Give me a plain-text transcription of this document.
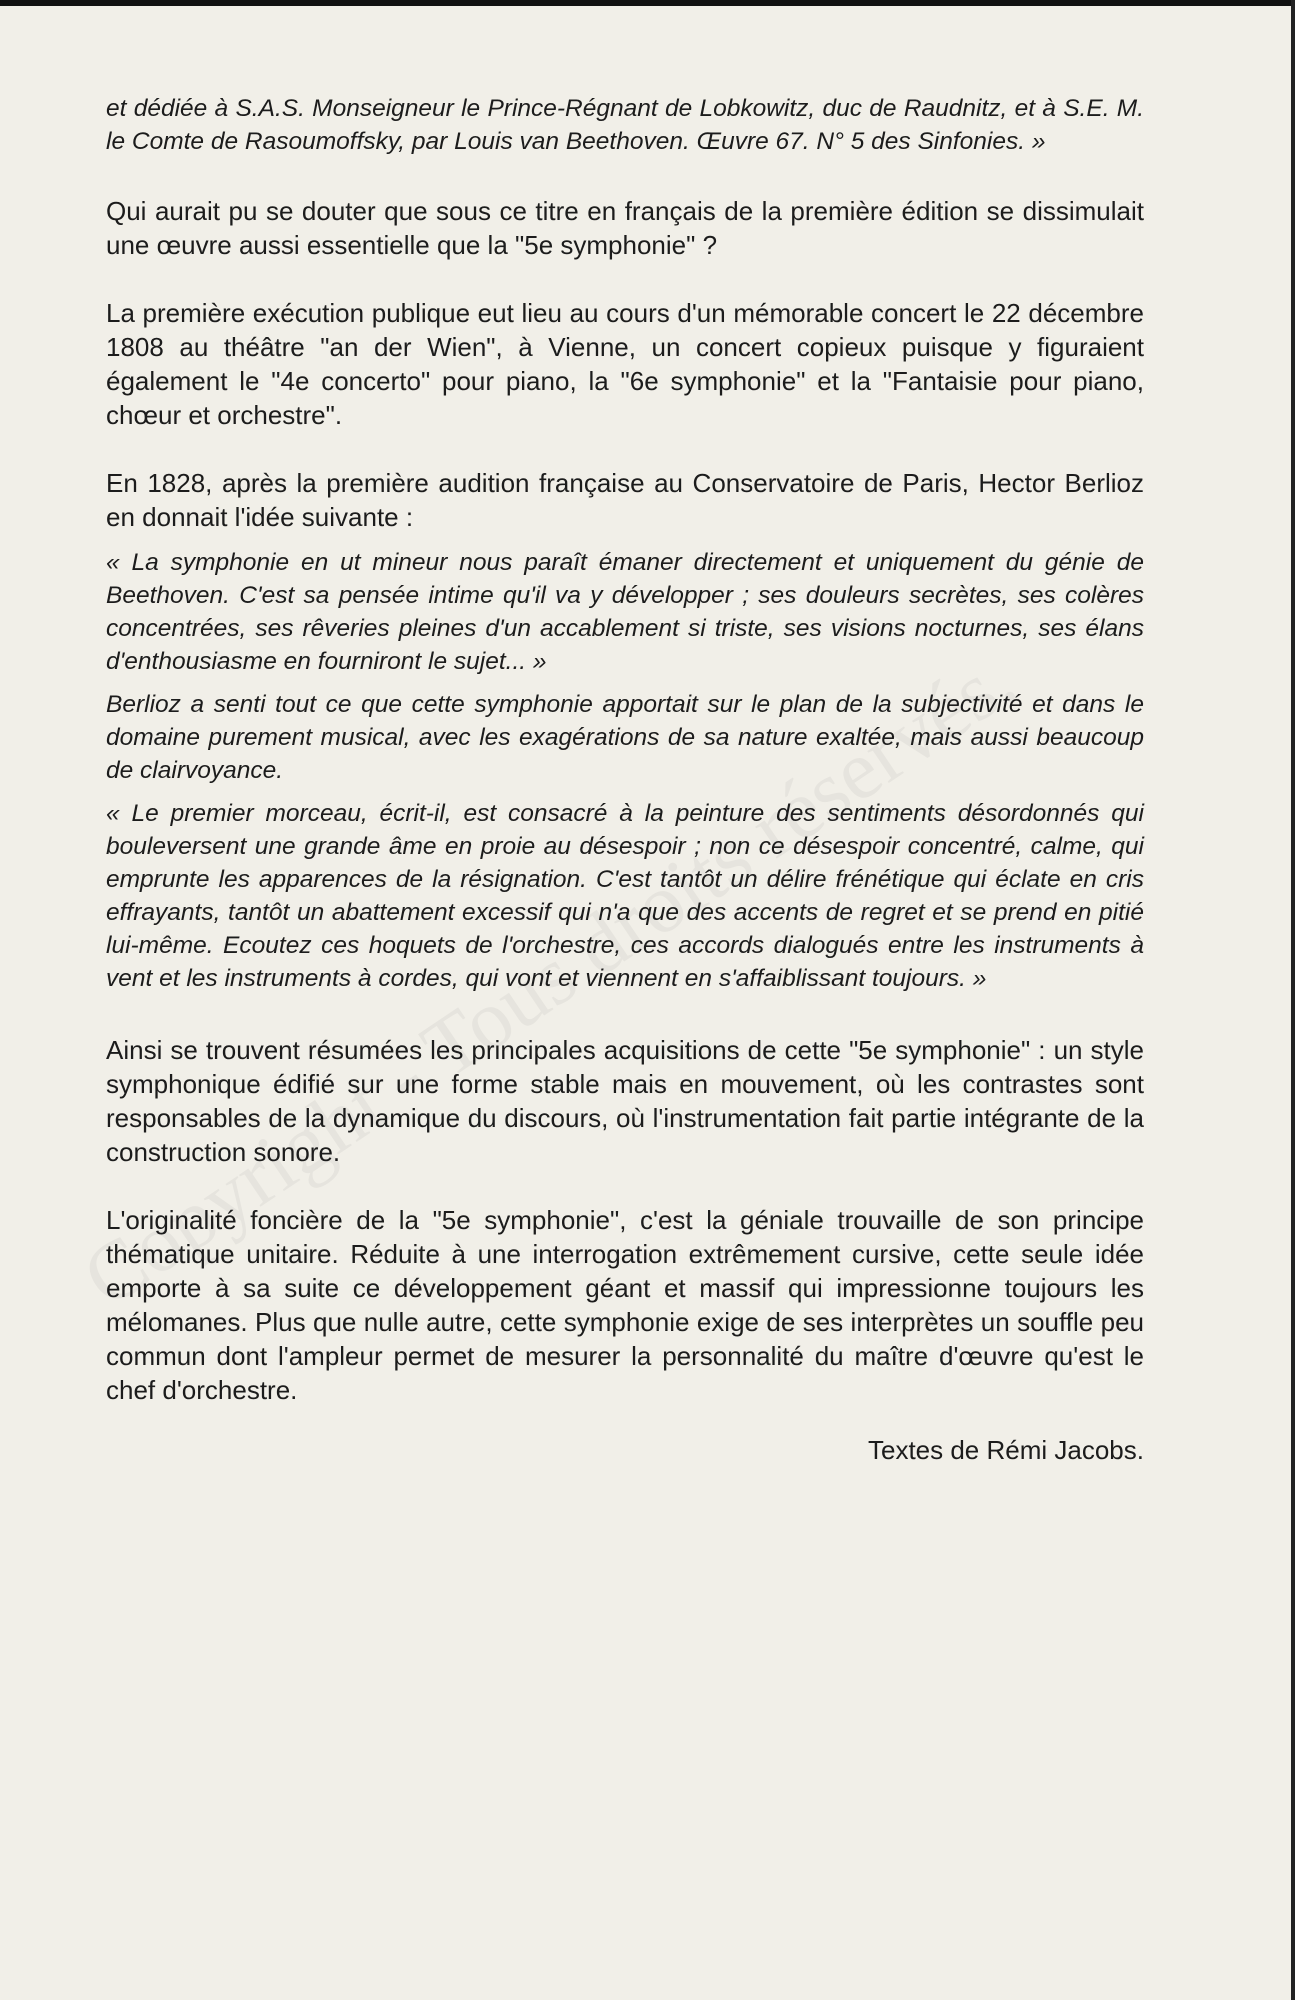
et dédiée à S.A.S. Monseigneur le Prince-Régnant de Lobkowitz, duc de Raudnitz, et à S.E. M. le Comte de Rasoumoffsky, par Louis van Beethoven. Œuvre 67. N° 5 des Sinfonies. »

Qui aurait pu se douter que sous ce titre en français de la première édition se dissimulait une œuvre aussi essentielle que la "5e symphonie" ?

La première exécution publique eut lieu au cours d'un mémorable concert le 22 décembre 1808 au théâtre "an der Wien", à Vienne, un concert copieux puisque y figuraient également le "4e concerto" pour piano, la "6e symphonie" et la "Fantaisie pour piano, chœur et orchestre".

En 1828, après la première audition française au Conservatoire de Paris, Hector Berlioz en donnait l'idée suivante :

« La symphonie en ut mineur nous paraît émaner directement et uniquement du génie de Beethoven. C'est sa pensée intime qu'il va y développer ; ses douleurs secrètes, ses colères concentrées, ses rêveries pleines d'un accablement si triste, ses visions nocturnes, ses élans d'enthousiasme en fourniront le sujet... »

Berlioz a senti tout ce que cette symphonie apportait sur le plan de la subjectivité et dans le domaine purement musical, avec les exagérations de sa nature exaltée, mais aussi beaucoup de clairvoyance.

« Le premier morceau, écrit-il, est consacré à la peinture des sentiments désordonnés qui bouleversent une grande âme en proie au désespoir ; non ce désespoir concentré, calme, qui emprunte les apparences de la résignation. C'est tantôt un délire frénétique qui éclate en cris effrayants, tantôt un abattement excessif qui n'a que des accents de regret et se prend en pitié lui-même. Ecoutez ces hoquets de l'orchestre, ces accords dialogués entre les instruments à vent et les instruments à cordes, qui vont et viennent en s'affaiblissant toujours. »

Ainsi se trouvent résumées les principales acquisitions de cette "5e symphonie" : un style symphonique édifié sur une forme stable mais en mouvement, où les contrastes sont responsables de la dynamique du discours, où l'instrumentation fait partie intégrante de la construction sonore.

L'originalité foncière de la "5e symphonie", c'est la géniale trouvaille de son principe thématique unitaire. Réduite à une interrogation extrêmement cursive, cette seule idée emporte à sa suite ce développement géant et massif qui impressionne toujours les mélomanes. Plus que nulle autre, cette symphonie exige de ses interprètes un souffle peu commun dont l'ampleur permet de mesurer la personnalité du maître d'œuvre qu'est le chef d'orchestre.

Textes de Rémi Jacobs.
